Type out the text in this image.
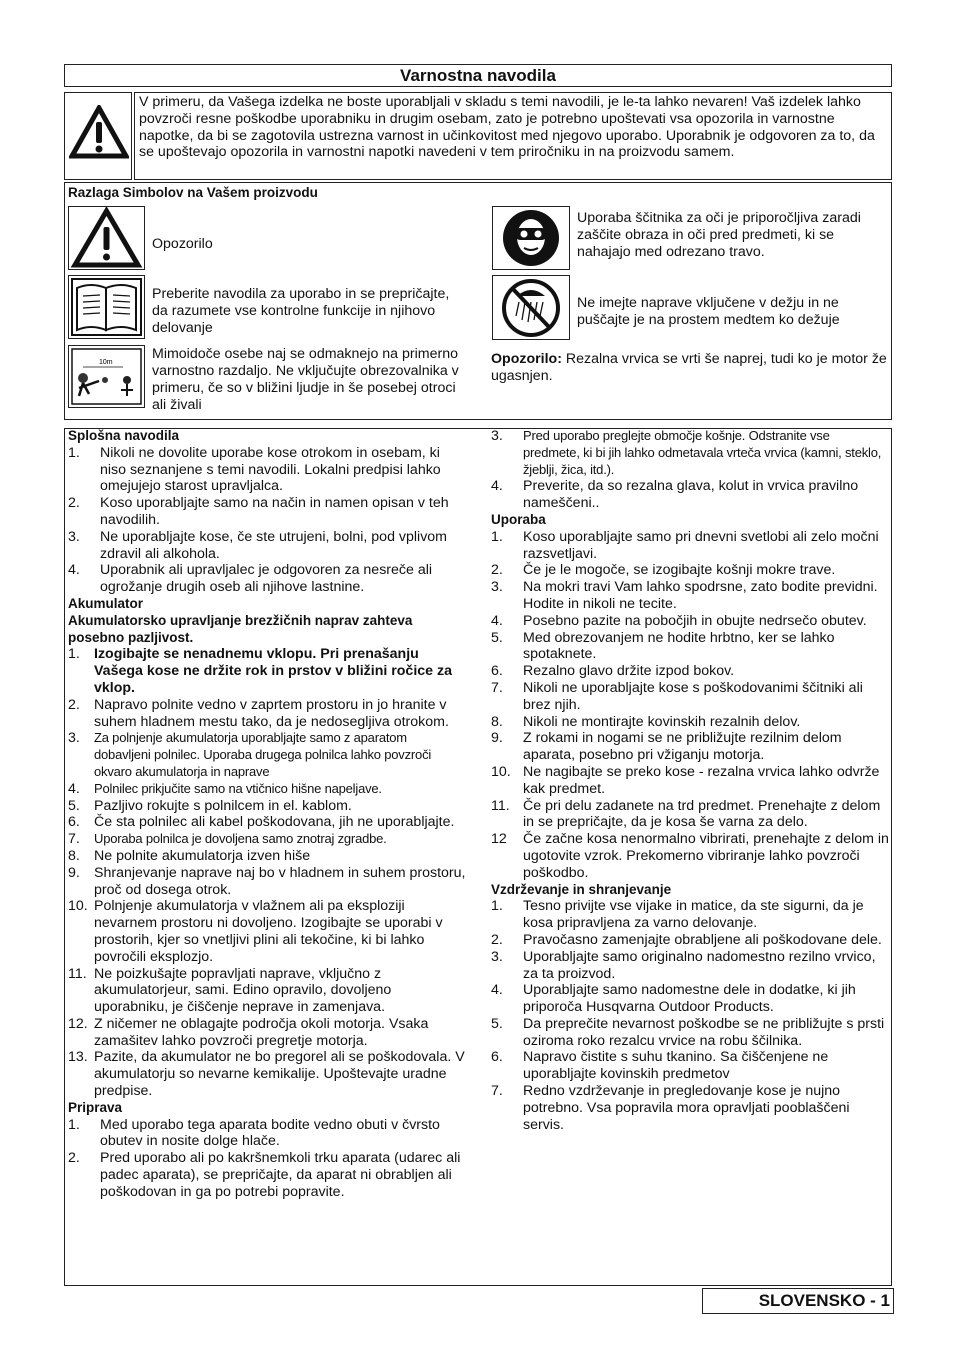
Varnostna navodila
V primeru, da Vašega izdelka ne boste uporabljali v skladu s temi navodili, je le-ta lahko nevaren! Vaš izdelek lahko povzroči resne poškodbe uporabniku in drugim osebam, zato je potrebno upoštevati vsa opozorila in varnostne napotke, da bi se zagotovila ustrezna varnost in učinkovitost med njegovo uporabo. Uporabnik je odgovoren za to, da se upoštevajo opozorila in varnostni napotki navedeni v tem priročniku in na proizvodu samem.
Razlaga Simbolov na Vašem proizvodu
Opozorilo
Preberite navodila za uporabo in se prepričajte, da razumete vse kontrolne funkcije in njihovo delovanje
10m
Mimoidoče osebe naj se odmaknejo na primerno varnostno razdaljo. Ne vključujte obrezovalnika v primeru, če so v bližini ljudje in še posebej otroci ali živali
Uporaba ščitnika za oči je priporočljiva zaradi zaščite obraza in oči pred predmeti, ki se nahajajo med odrezano travo.
Ne imejte naprave vključene v dežju in ne puščajte je na prostem medtem ko dežuje
Opozorilo: Rezalna vrvica se vrti še naprej, tudi ko je motor že ugasnjen.
Splošna navodila
1.	Nikoli ne dovolite uporabe kose otrokom in osebam, ki niso seznanjene s temi navodili. Lokalni predpisi lahko omejujejo starost upravljalca.
2.	Koso uporabljajte samo na način in namen opisan v teh navodilih.
3.	Ne uporabljajte kose, če ste utrujeni, bolni, pod vplivom zdravil ali alkohola.
4.	Uporabnik ali upravljalec je odgovoren za nesreče ali ogrožanje drugih oseb ali njihove lastnine.
Akumulator
Akumulatorsko upravljanje brezžičnih naprav zahteva posebno pazljivost.
1. Izogibajte se nenadnemu vklopu. Pri prenašanju Vašega kose ne držite rok in prstov v bližini ročice za vklop.
2. Napravo polnite vedno v zaprtem prostoru in jo hranite v suhem hladnem mestu tako, da je nedosegljiva otrokom.
3.	Za polnjenje akumulatorja uporabljajte samo z aparatom dobavljeni polnilec. Uporaba drugega polnilca lahko povzroči okvaro akumulatorja in naprave
4.	Polnilec prikjučite samo na vtičnico hišne napeljave.
5. Pazljivo rokujte s polnilcem in el. kablom.
6. Če sta polnilec ali kabel poškodovana, jih ne uporabljajte.
7.	Uporaba polnilca je dovoljena samo znotraj zgradbe.
8. Ne polnite akumulatorja izven hiše
9. Shranjevanje naprave naj bo v hladnem in suhem prostoru, proč od dosega otrok.
10. Polnjenje akumulatorja v vlažnem ali pa eksploziji nevarnem prostoru ni dovoljeno. Izogibajte se uporabi v prostorih, kjer so vnetljivi plini ali tekočine, ki bi lahko povročili eksplozjo.
11. Ne poizkušajte popravljati naprave, vključno z akumulatorjeur, sami. Edino opravilo, dovoljeno uporabniku, je čiščenje neprave in zamenjava.
12. Z ničemer ne oblagajte področja okoli motorja. Vsaka zamašitev lahko povzroči pregretje motorja.
13. Pazite, da akumulator ne bo pregorel ali se poškodovala. V akumulatorju so nevarne kemikalije. Upoštevajte uradne predpise.
Priprava
1.	Med uporabo tega aparata bodite vedno obuti v čvrsto obutev in nosite dolge hlače.
2.	Pred uporabo ali po kakršnemkoli trku aparata (udarec ali padec aparata), se prepričajte, da aparat ni obrabljen ali poškodovan in ga po potrebi popravite.
3.	Pred uporabo preglejte območje košnje. Odstranite vse predmete, ki bi jih lahko odmetavala vrteča vrvica (kamni, steklo, žjeblji, žica, itd.).
4.	Preverite, da so rezalna glava, kolut in vrvica pravilno nameščeni..
Uporaba
1.	Koso uporabljajte samo pri dnevni svetlobi ali zelo močni razsvetljavi.
2.	Če je le mogoče, se izogibajte košnji mokre trave.
3.	Na mokri travi Vam lahko spodrsne, zato bodite previdni. Hodite in nikoli ne tecite.
4.	Posebno pazite na pobočjih in obujte nedrsečo obutev.
5.	Med obrezovanjem ne hodite hrbtno, ker se lahko spotaknete.
6.	Rezalno glavo držite izpod bokov.
7.	Nikoli ne uporabljajte kose s poškodovanimi ščitniki ali brez njih.
8.	Nikoli ne montirajte kovinskih rezalnih delov.
9.	Z rokami in nogami se ne približujte rezilnim delom aparata, posebno pri vžiganju motorja.
10. Ne nagibajte se preko kose - rezalna vrvica lahko odvrže kak predmet.
11. Če pri delu zadanete na trd predmet. Prenehajte z delom in se prepričajte, da je kosa še varna za delo.
12	Če začne kosa nenormalno vibrirati, prenehajte z delom in ugotovite vzrok. Prekomerno vibriranje lahko povzroči poškodbo.
Vzdrževanje in shranjevanje
1.	Tesno privijte vse vijake in matice, da ste sigurni, da je kosa pripravljena za varno delovanje.
2.	Pravočasno zamenjajte obrabljene ali poškodovane dele.
3.	Uporabljajte samo originalno nadomestno rezilno vrvico, za ta proizvod.
4.	Uporabljajte samo nadomestne dele in dodatke, ki jih priporoča Husqvarna Outdoor Products.
5.	Da preprečite nevarnost poškodbe se ne približujte s prsti oziroma roko rezalcu vrvice na robu ščilnika.
6.	Napravo čistite s suhu tkanino. Sa čiščenjene ne uporabljajte kovinskih predmetov
7.	Redno vzdrževanje in pregledovanje kose je nujno potrebno. Vsa popravila mora opravljati pooblaščeni servis.
SLOVENSKO - 1
